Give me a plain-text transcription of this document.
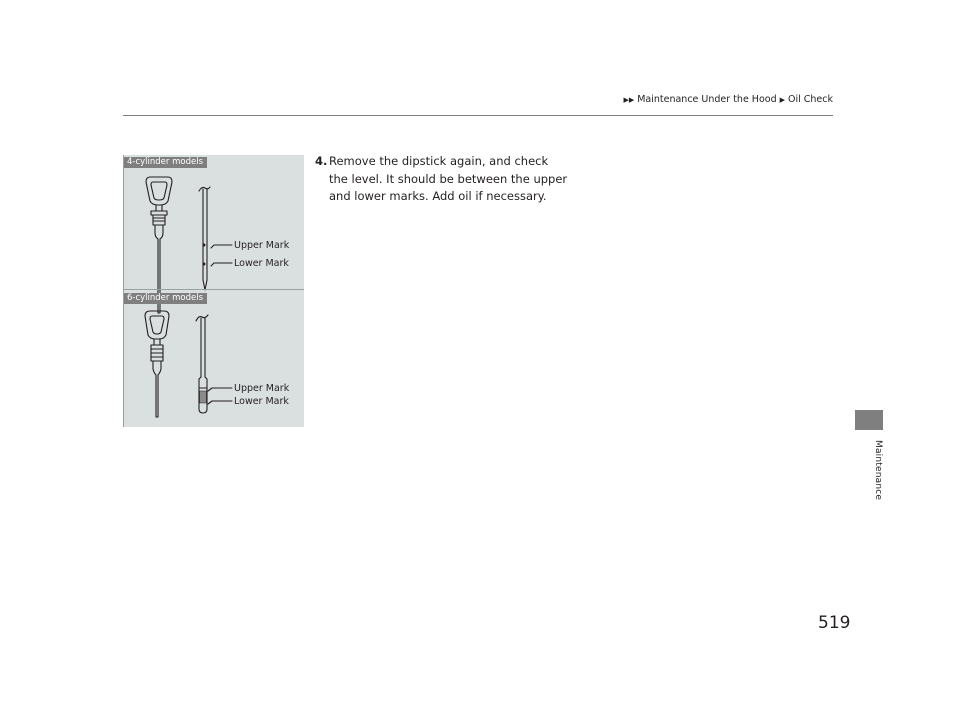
▶▶ Maintenance Under the Hood ▶ Oil Check
Maintenance
4. Remove the dipstick again, and check the level. It should be between the upper and lower marks. Add oil if necessary.
4-cylinder models
6-cylinder models
Upper Mark
Lower Mark
Upper Mark
Lower Mark
519
